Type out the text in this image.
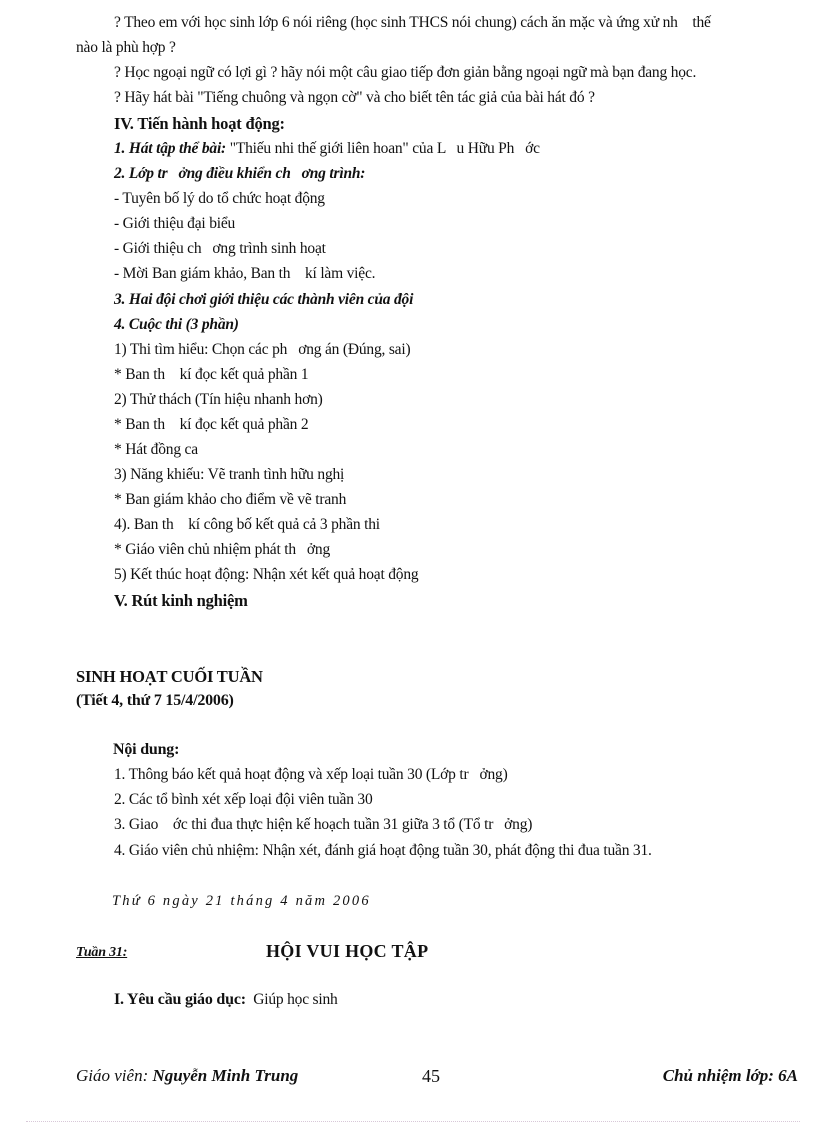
? Theo em với học sinh lớp 6 nói riêng (học sinh THCS nói chung) cách ăn mặc và ứng xử nh    thế
nào là phù hợp ?
? Học ngoại ngữ có lợi gì ? hãy nói một câu giao tiếp đơn giản bằng ngoại ngữ mà bạn đang học.
? Hãy hát bài "Tiếng chuông và ngọn cờ" và cho biết tên tác giả của bài hát đó ?
IV. Tiến hành hoạt động:
1. Hát tập thể bài: "Thiếu nhi thế giới liên hoan" của L   u Hữu Ph   ớc
2. Lớp tr   ởng điều khiển ch   ơng trình:
- Tuyên bố lý do tổ chức hoạt động
- Giới thiệu đại biểu
- Giới thiệu ch   ơng trình sinh hoạt
- Mời Ban giám khảo, Ban th    kí làm việc.
3. Hai đội chơi giới thiệu các thành viên của đội
4. Cuộc thi (3 phần)
1) Thi tìm hiểu: Chọn các ph   ơng án (Đúng, sai)
* Ban th    kí đọc kết quả phần 1
2) Thử thách (Tín hiệu nhanh hơn)
* Ban th    kí đọc kết quả phần 2
* Hát đồng ca
3) Năng khiếu: Vẽ tranh tình hữu nghị
* Ban giám khảo cho điểm về vẽ tranh
4). Ban th    kí công bố kết quả cả 3 phần thi
* Giáo viên chủ nhiệm phát th   ởng
5) Kết thúc hoạt động: Nhận xét kết quả hoạt động
V. Rút kinh nghiệm
SINH HOẠT CUỐI TUẦN
(Tiết 4, thứ 7 15/4/2006)
Nội dung:
1. Thông báo kết quả hoạt động và xếp loại tuần 30 (Lớp tr   ởng)
2. Các tổ bình xét xếp loại đội viên tuần 30
3. Giao    ớc thi đua thực hiện kế hoạch tuần 31 giữa 3 tổ (Tổ tr   ởng)
4. Giáo viên chủ nhiệm: Nhận xét, đánh giá hoạt động tuần 30, phát động thi đua tuần 31.
Thứ 6 ngày 21 tháng 4 năm 2006
Tuần 31:	HỘI VUI HỌC TẬP
I. Yêu cầu giáo dục:  Giúp học sinh
Giáo viên: Nguyễn Minh Trung	45	Chủ nhiệm lớp: 6A
